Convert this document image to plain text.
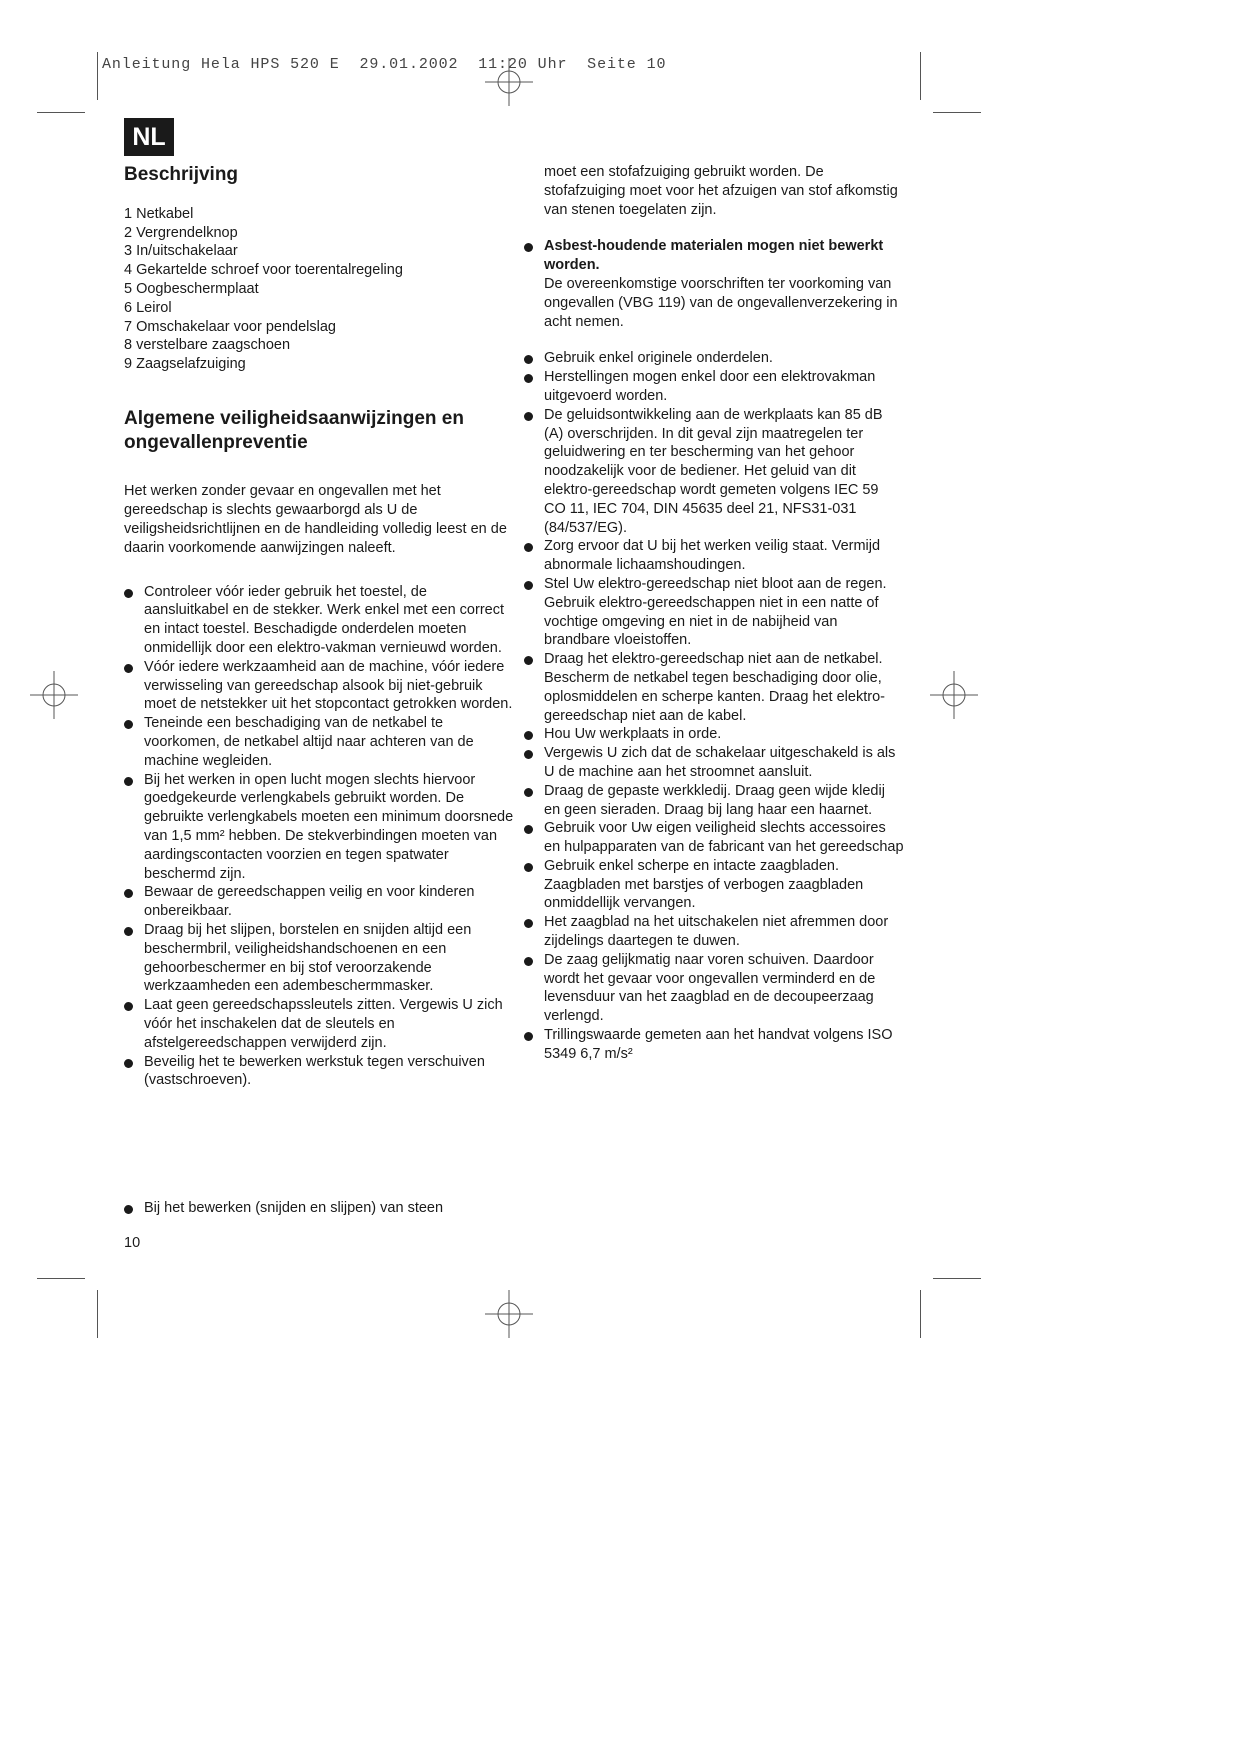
Anleitung Hela HPS 520 E  29.01.2002  11:20 Uhr  Seite 10

NL
Beschrijving
1 Netkabel
2 Vergrendelknop
3 In/uitschakelaar
4 Gekartelde schroef voor toerentalregeling
5 Oogbeschermplaat
6 Leirol
7 Omschakelaar voor pendelslag
8 verstelbare zaagschoen
9 Zaagselafzuiging
Algemene veiligheidsaanwijzingen en ongevallenpreventie

Het werken zonder gevaar en ongevallen met het gereedschap is slechts gewaarborgd als U de veiligsheidsrichtlijnen en de handleiding volledig leest en de daarin voorkomende aanwijzingen naleeft.

Controleer vóór ieder gebruik het toestel, de aansluitkabel en de stekker. Werk enkel met een correct en intact toestel. Beschadigde onderdelen moeten onmidellijk door een elektro-vakman vernieuwd worden.
Vóór iedere werkzaamheid aan de machine, vóór iedere verwisseling van gereedschap alsook bij niet-gebruik moet de netstekker uit het stopcontact getrokken worden.
Teneinde een beschadiging van de netkabel te voorkomen, de netkabel altijd naar achteren van de machine wegleiden.
Bij het werken in open lucht mogen slechts hiervoor goedgekeurde verlengkabels gebruikt worden. De gebruikte verlengkabels moeten een minimum doorsnede van 1,5 mm² hebben. De stekverbindingen moeten van aardingscontacten voorzien en tegen spatwater beschermd zijn.
Bewaar de gereedschappen veilig en voor kinderen onbereikbaar.
Draag bij het slijpen, borstelen en snijden altijd een beschermbril, veiligheidshandschoenen en een gehoorbeschermer en bij stof veroorzakende werkzaamheden een adembeschermmasker.
Laat geen gereedschapssleutels zitten. Vergewis U zich vóór het inschakelen dat de sleutels en afstelgereedschappen verwijderd zijn.
Beveilig het te bewerken werkstuk tegen verschuiven (vastschroeven).
Bij het bewerken (snijden en slijpen) van steen

moet een stofafzuiging gebruikt worden. De stofafzuiging moet voor het afzuigen van stof afkomstig van stenen toegelaten zijn.

Asbest-houdende materialen mogen niet bewerkt worden.
De overeenkomstige voorschriften ter voorkoming van ongevallen (VBG 119) van de ongevallenverzekering in acht nemen.
Gebruik enkel originele onderdelen.
Herstellingen mogen enkel door een elektrovakman uitgevoerd worden.
De geluidsontwikkeling aan de werkplaats kan 85 dB (A) overschrijden. In dit geval zijn maatregelen ter geluidwering en ter bescherming van het gehoor noodzakelijk voor de bediener. Het geluid van dit elektro-gereedschap wordt gemeten volgens IEC 59 CO 11, IEC 704, DIN 45635 deel 21, NFS31-031 (84/537/EG).
Zorg ervoor dat U bij het werken veilig staat. Vermijd abnormale lichaamshoudingen.
Stel Uw elektro-gereedschap niet bloot aan de regen. Gebruik elektro-gereedschappen niet in een natte of vochtige omgeving en niet in de nabijheid van brandbare vloeistoffen.
Draag het elektro-gereedschap niet aan de netkabel. Bescherm de netkabel tegen beschadiging door olie, oplosmiddelen en scherpe kanten. Draag het elektro-gereedschap niet aan de kabel.
Hou Uw werkplaats in orde.
Vergewis U zich dat de schakelaar uitgeschakeld is als U de machine aan het stroomnet aansluit.
Draag de gepaste werkkledij. Draag geen wijde kledij en geen sieraden. Draag bij lang haar een haarnet.
Gebruik voor Uw eigen veiligheid slechts accessoires en hulpapparaten van de fabricant van het gereedschap
Gebruik enkel scherpe en intacte zaagbladen. Zaagbladen met barstjes of verbogen zaagbladen onmiddellijk vervangen.
Het zaagblad na het uitschakelen niet afremmen door zijdelings daartegen te duwen.
De zaag gelijkmatig naar voren schuiven. Daardoor wordt het gevaar voor ongevallen verminderd en de levensduur van het zaagblad en de decoupeerzaag verlengd.
Trillingswaarde gemeten aan het handvat volgens ISO 5349 6,7 m/s²
10
